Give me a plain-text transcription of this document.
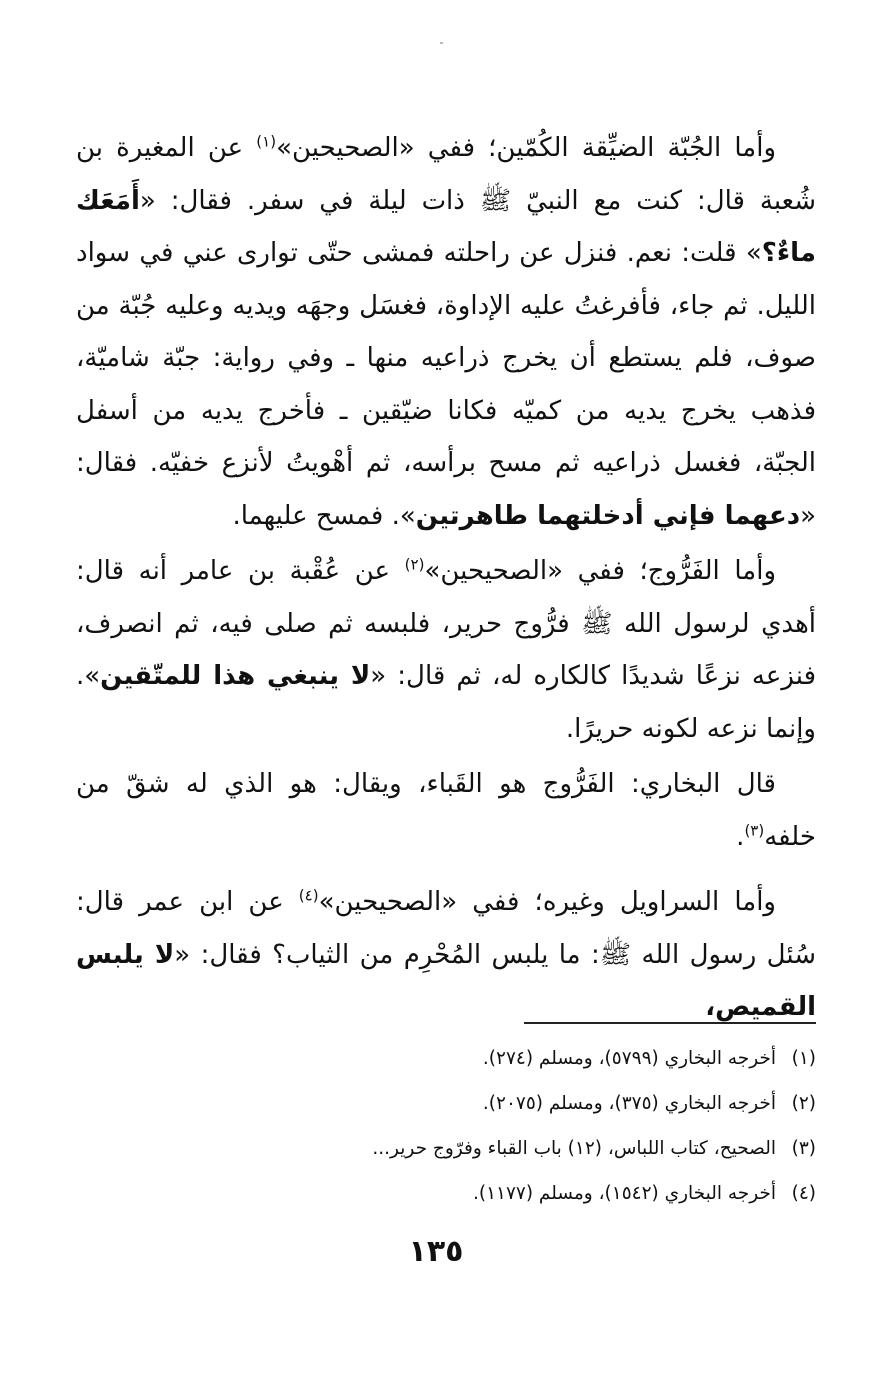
وأما الجُبّة الضيِّقة الكُمّين؛ ففي «الصحيحين»$^{(١)}$ عن المغيرة بن شُعبة قال: كنت مع النبيّ ﷺ ذات ليلة في سفر. فقال: «أَمَعَك ماءٌ؟» قلت: نعم. فنزل عن راحلته فمشى حتّى توارى عني في سواد الليل. ثم جاء، فأفرغتُ عليه الإداوة، فغسَل وجهَه ويديه وعليه جُبّة من صوف، فلم يستطع أن يخرج ذراعيه منها ـ وفي رواية: جبّة شاميّة، فذهب يخرج يديه من كميّه فكانا ضيّقين ـ فأخرج يديه من أسفل الجبّة، فغسل ذراعيه ثم مسح برأسه، ثم أهْويتُ لأنزع خفيّه. فقال: «دعهما فإني أدخلتهما طاهرتين». فمسح عليهما.

وأما الفَرُّوج؛ ففي «الصحيحين»$^{(٢)}$ عن عُقْبة بن عامر أنه قال: أهدي لرسول الله ﷺ فرُّوج حرير، فلبسه ثم صلى فيه، ثم انصرف، فنزعه نزعًا شديدًا كالكاره له، ثم قال: «لا ينبغي هذا للمتّقين». وإنما نزعه لكونه حريرًا.

قال البخاري: الفَرُّوج هو القَباء، ويقال: هو الذي له شقّ من خلفه$^{(٣)}$.

وأما السراويل وغيره؛ ففي «الصحيحين»$^{(٤)}$ عن ابن عمر قال: سُئل رسول الله ﷺ: ما يلبس المُحْرِم من الثياب؟ فقال: «لا يلبس القميص،

(١)
أخرجه البخاري (٥٧٩٩)، ومسلم (٢٧٤).
(٢)
أخرجه البخاري (٣٧٥)، ومسلم (٢٠٧٥).
(٣)
الصحيح، كتاب اللباس، (١٢) باب القباء وفرّوج حرير...
(٤)
أخرجه البخاري (١٥٤٢)، ومسلم (١١٧٧).
١٣٥
